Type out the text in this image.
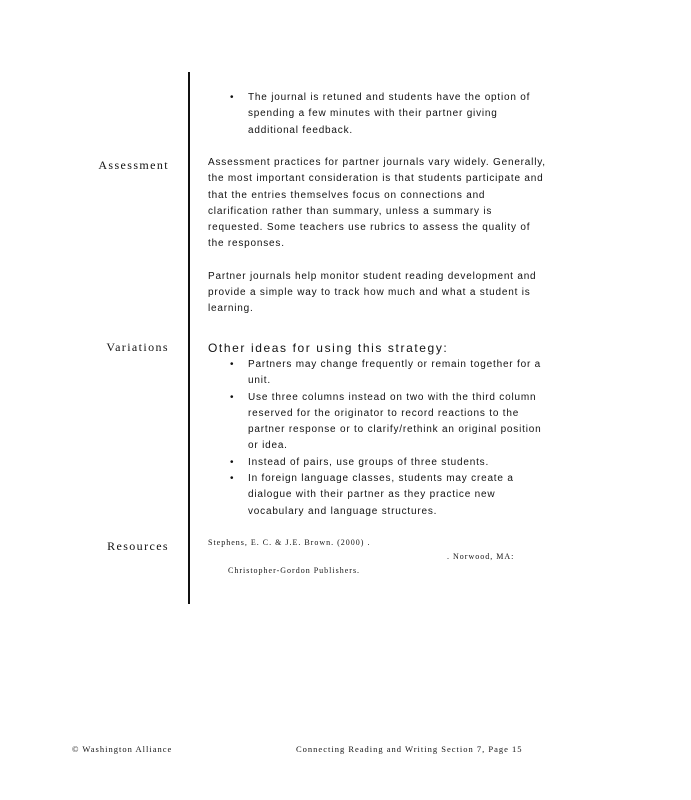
• The journal is retuned and students have the option of spending a few minutes with their partner giving additional feedback.
Assessment	Assessment practices for partner journals vary widely. Generally, the most important consideration is that students participate and that the entries themselves focus on connections and clarification rather than summary, unless a summary is requested. Some teachers use rubrics to assess the quality of the responses.

Partner journals help monitor student reading development and provide a simple way to track how much and what a student is learning.

Variations	Other ideas for using this strategy:
• Partners may change frequently or remain together for a unit.
• Use three columns instead on two with the third column reserved for the originator to record reactions to the partner response or to clarify/rethink an original position or idea.
• Instead of pairs, use groups of three students.
• In foreign language classes, students may create a dialogue with their partner as they practice new vocabulary and language structures.
Resources	Stephens, E. C. & J.E. Brown. (2000) .
. Norwood, MA:
Christopher-Gordon Publishers.
© Washington Alliance	Connecting Reading and Writing Section 7, Page 15
